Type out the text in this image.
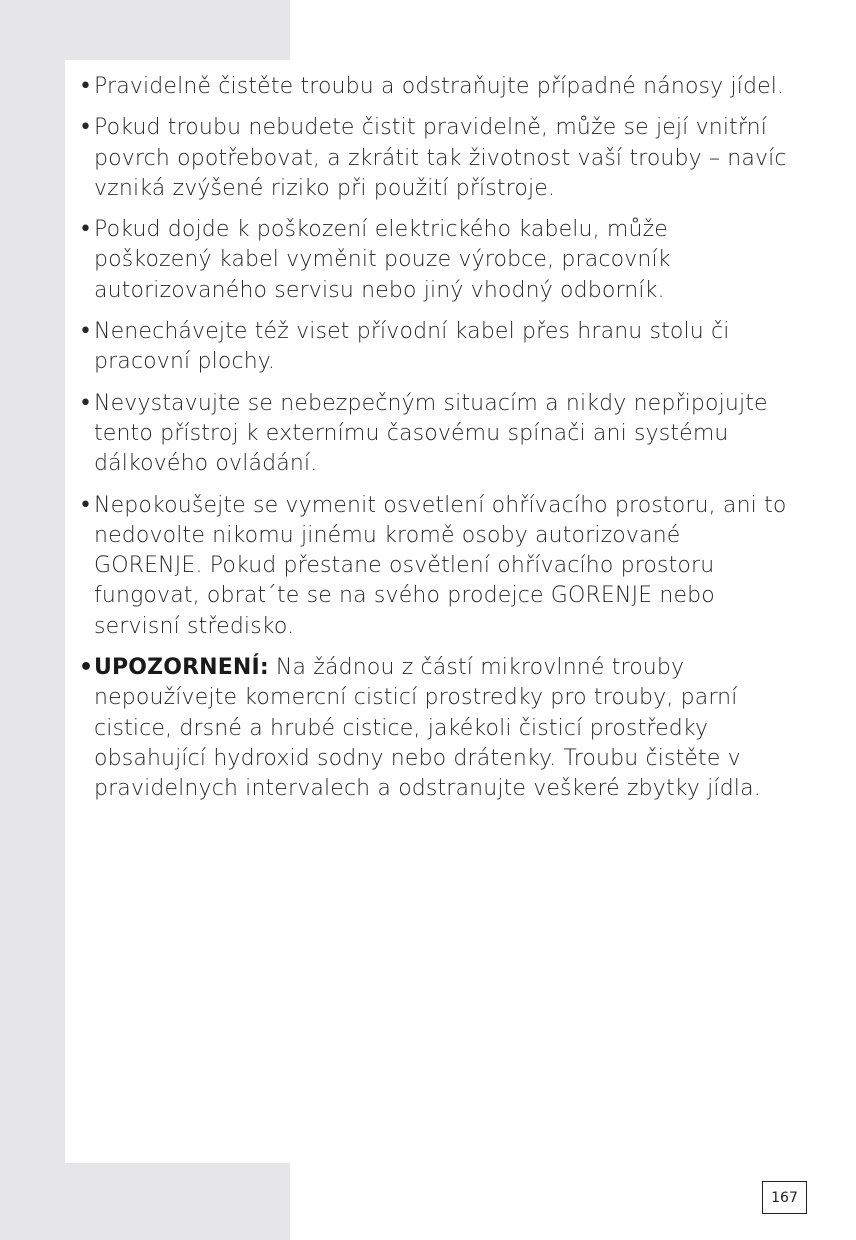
• Pravidelně čistěte troubu a odstraňujte případné nánosy jídel.
• Pokud troubu nebudete čistit pravidelně, může se její vnitřní povrch opotřebovat, a zkrátit tak životnost vaší trouby – navíc vzniká zvýšené riziko při použití přístroje.
• Pokud dojde k poškození elektrického kabelu, může poškozený kabel vyměnit pouze výrobce, pracovník autorizovaného servisu nebo jiný vhodný odborník.
• Nenechávejte též viset přívodní kabel přes hranu stolu či pracovní plochy.
• Nevystavujte se nebezpečným situacím a nikdy nepřipojujte tento přístroj k externímu časovému spínači ani systému dálkového ovládání.
• Nepokoušejte se vymenit osvetlení ohřívacího prostoru, ani to nedovolte nikomu jinému kromě osoby autorizované GORENJE. Pokud přestane osvětlení ohřívacího prostoru fungovat, obrat´te se na svého prodejce GORENJE nebo servisní středisko.
• UPOZORNENÍ: Na žádnou z částí mikrovlnné trouby nepoužívejte komercní cisticí prostredky pro trouby, parní cistice, drsné a hrubé cistice, jakékoli čisticí prostředky obsahující hydroxid sodny nebo drátenky. Troubu čistěte v pravidelnych intervalech a odstranujte veškeré zbytky jídla.
167
